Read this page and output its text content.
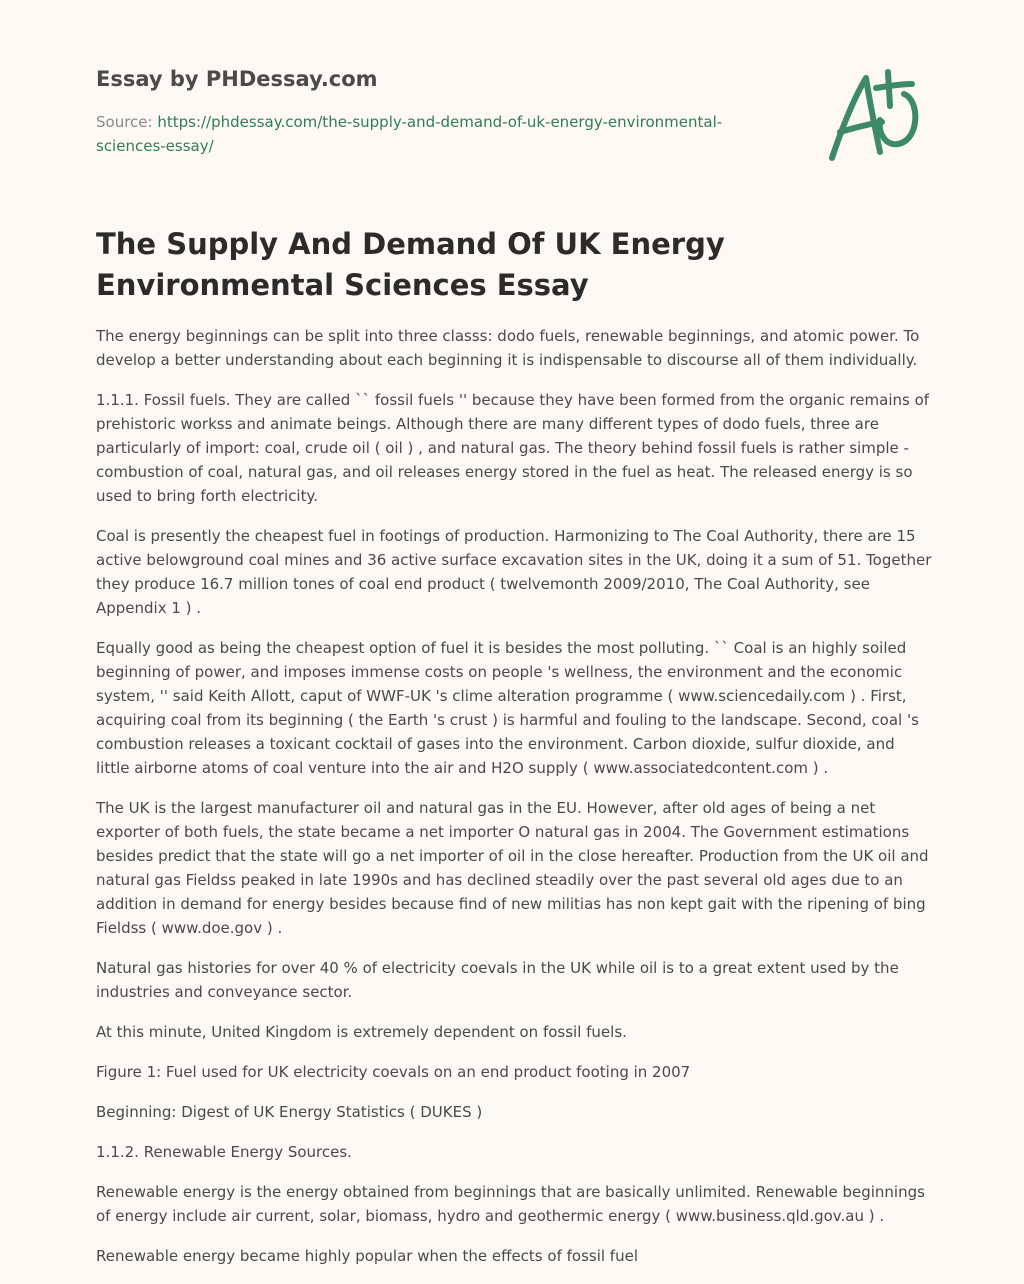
Essay by PHDessay.com
Source: https://phdessay.com/the-supply-and-demand-of-uk-energy-environmental-
sciences-essay/
The Supply And Demand Of UK Energy Environmental Sciences Essay

The energy beginnings can be split into three classs: dodo fuels, renewable beginnings, and atomic power. To develop a better understanding about each beginning it is indispensable to discourse all of them individually.

1.1.1. Fossil fuels. They are called `` fossil fuels '' because they have been formed from the organic remains of prehistoric workss and animate beings. Although there are many different types of dodo fuels, three are particularly of import: coal, crude oil ( oil ) , and natural gas. The theory behind fossil fuels is rather simple - combustion of coal, natural gas, and oil releases energy stored in the fuel as heat. The released energy is so used to bring forth electricity.

Coal is presently the cheapest fuel in footings of production. Harmonizing to The Coal Authority, there are 15 active belowground coal mines and 36 active surface excavation sites in the UK, doing it a sum of 51. Together they produce 16.7 million tones of coal end product ( twelvemonth 2009/2010, The Coal Authority, see Appendix 1 ) .

Equally good as being the cheapest option of fuel it is besides the most polluting. `` Coal is an highly soiled beginning of power, and imposes immense costs on people 's wellness, the environment and the economic system, '' said Keith Allott, caput of WWF-UK 's clime alteration programme ( www.sciencedaily.com ) . First, acquiring coal from its beginning ( the Earth 's crust ) is harmful and fouling to the landscape. Second, coal 's combustion releases a toxicant cocktail of gases into the environment. Carbon dioxide, sulfur dioxide, and little airborne atoms of coal venture into the air and H2O supply ( www.associatedcontent.com ) .

The UK is the largest manufacturer oil and natural gas in the EU. However, after old ages of being a net exporter of both fuels, the state became a net importer O natural gas in 2004. The Government estimations besides predict that the state will go a net importer of oil in the close hereafter. Production from the UK oil and natural gas Fieldss peaked in late 1990s and has declined steadily over the past several old ages due to an addition in demand for energy besides because find of new militias has non kept gait with the ripening of bing Fieldss ( www.doe.gov ) .

Natural gas histories for over 40 % of electricity coevals in the UK while oil is to a great extent used by the industries and conveyance sector.

At this minute, United Kingdom is extremely dependent on fossil fuels.

Figure 1: Fuel used for UK electricity coevals on an end product footing in 2007

Beginning: Digest of UK Energy Statistics ( DUKES )

1.1.2. Renewable Energy Sources.

Renewable energy is the energy obtained from beginnings that are basically unlimited. Renewable beginnings of energy include air current, solar, biomass, hydro and geothermic energy ( www.business.qld.gov.au ) .

Renewable energy became highly popular when the effects of fossil fuel
